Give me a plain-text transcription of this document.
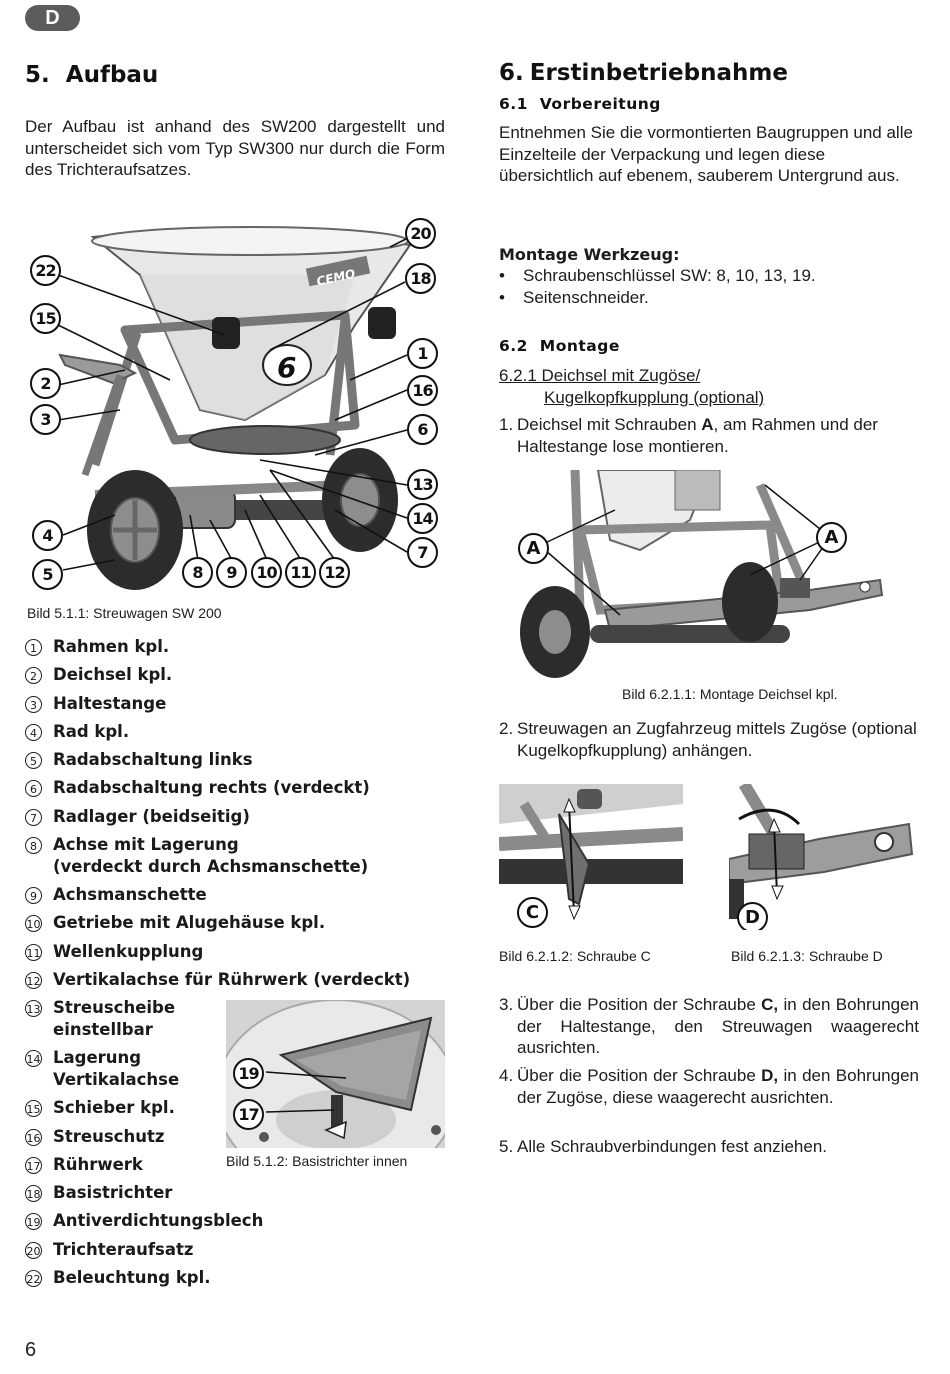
D
5. Aufbau
Der Aufbau ist anhand des SW200 dargestellt und unterscheidet sich vom Typ SW300 nur durch die Form des Trichteraufsatzes.
CEMO
6
20
22	18
15
1
2	16
3
6
13
14
4
7
5	8	9	10 11 12
Bild 5.1.1: Streuwagen SW 200
1 Rahmen kpl.
2 Deichsel kpl.
3 Haltestange
4 Rad kpl.
5 Radabschaltung links
6 Radabschaltung rechts (verdeckt)
7 Radlager (beidseitig)
8 Achse mit Lagerung
(verdeckt durch Achsmanschette)
9 Achsmanschette
10 Getriebe mit Alugehäuse kpl.
11 Wellenkupplung
12 Vertikalachse für Rührwerk (verdeckt)
13 Streuscheibe
einstellbar
14 Lagerung
Vertikalachse
15 Schieber kpl.
16 Streuschutz
17 Rührwerk
18 Basistrichter
19 Antiverdichtungsblech
20 Trichteraufsatz
22 Beleuchtung kpl.
19
17
Bild 5.1.2: Basistrichter innen
6. Erstinbetriebnahme
6.1 Vorbereitung
Entnehmen Sie die vormontierten Baugruppen und alle Einzelteile der Verpackung und legen diese übersichtlich auf ebenem, sauberem Untergrund aus.
Montage Werkzeug:
•	Schraubenschlüssel SW: 8, 10, 13, 19.
•	Seitenschneider.
6.2 Montage
6.2.1 Deichsel mit Zugöse/
Kugelkopfkupplung (optional)
1. Deichsel mit Schrauben A, am Rahmen und der Haltestange lose montieren.
A
A
Bild 6.2.1.1: Montage Deichsel kpl.
2. Streuwagen an Zugfahrzeug mittels Zugöse (optional Kugelkopfkupplung) anhängen.
C
Bild 6.2.1.2: Schraube C
D
Bild 6.2.1.3: Schraube D
3. Über die Position der Schraube C, in den Bohrungen der Haltestange, den Streuwagen waagerecht ausrichten.
4. Über die Position der Schraube D, in den Bohrungen der Zugöse, diese waagerecht ausrichten.
5. Alle Schraubverbindungen fest anziehen.
6
